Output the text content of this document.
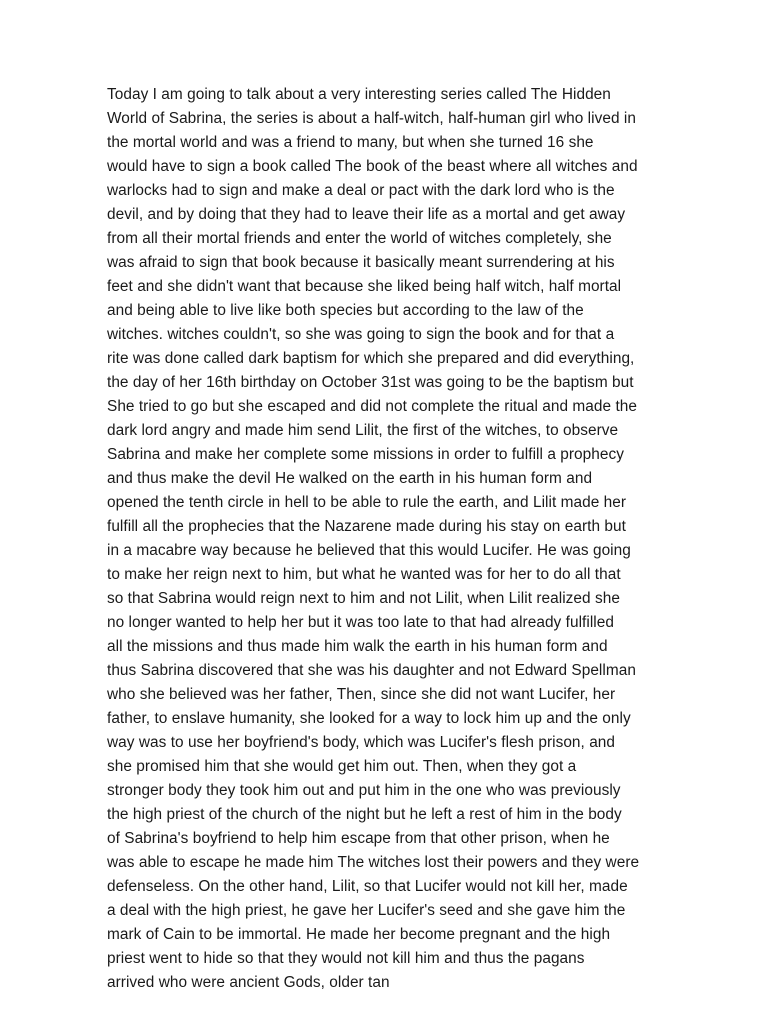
Today I am going to talk about a very interesting series called The Hidden
World of Sabrina, the series is about a half-witch, half-human girl who lived in
the mortal world and was a friend to many, but when she turned 16 she
would have to sign a book called The book of the beast where all witches and
warlocks had to sign and make a deal or pact with the dark lord who is the
devil, and by doing that they had to leave their life as a mortal and get away
from all their mortal friends and enter the world of witches completely, she
was afraid to sign that book because it basically meant surrendering at his
feet and she didn't want that because she liked being half witch, half mortal
and being able to live like both species but according to the law of the
witches. witches couldn't, so she was going to sign the book and for that a
rite was done called dark baptism for which she prepared and did everything,
the day of her 16th birthday on October 31st was going to be the baptism but
She tried to go but she escaped and did not complete the ritual and made the
dark lord angry and made him send Lilit, the first of the witches, to observe
Sabrina and make her complete some missions in order to fulfill a prophecy
and thus make the devil He walked on the earth in his human form and
opened the tenth circle in hell to be able to rule the earth, and Lilit made her
fulfill all the prophecies that the Nazarene made during his stay on earth but
in a macabre way because he believed that this would Lucifer. He was going
to make her reign next to him, but what he wanted was for her to do all that
so that Sabrina would reign next to him and not Lilit, when Lilit realized she
no longer wanted to help her but it was too late to that had already fulfilled
all the missions and thus made him walk the earth in his human form and
thus Sabrina discovered that she was his daughter and not Edward Spellman
who she believed was her father, Then, since she did not want Lucifer, her
father, to enslave humanity, she looked for a way to lock him up and the only
way was to use her boyfriend's body, which was Lucifer's flesh prison, and
she promised him that she would get him out. Then, when they got a
stronger body they took him out and put him in the one who was previously
the high priest of the church of the night but he left a rest of him in the body
of Sabrina's boyfriend to help him escape from that other prison, when he
was able to escape he made him The witches lost their powers and they were
defenseless. On the other hand, Lilit, so that Lucifer would not kill her, made
a deal with the high priest, he gave her Lucifer's seed and she gave him the
mark of Cain to be immortal. He made her become pregnant and the high
priest went to hide so that they would not kill him and thus the pagans
arrived who were ancient Gods, older tan
